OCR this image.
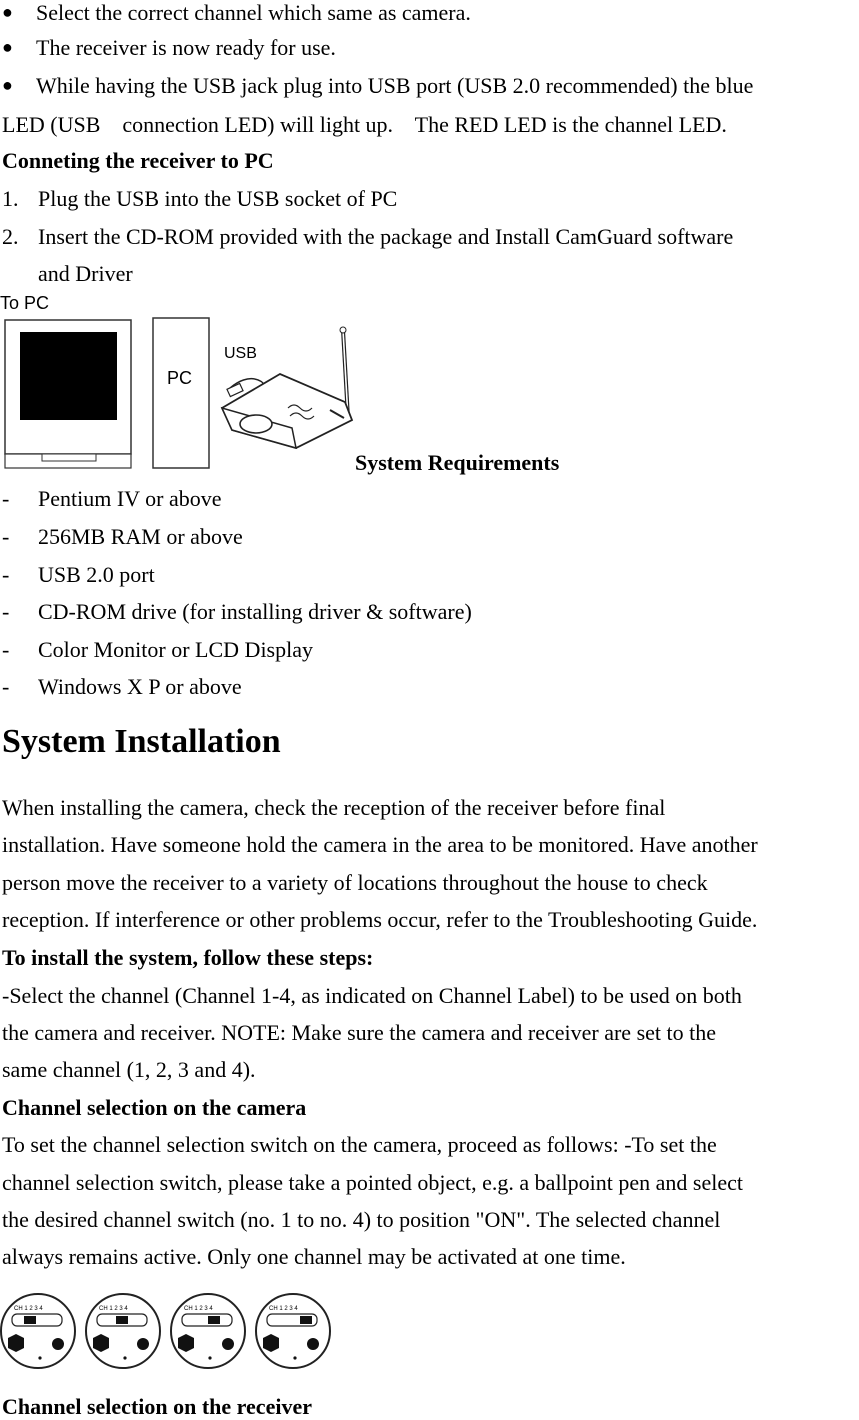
● Select the correct channel which same as camera.
● The receiver is now ready for use.
● While having the USB jack plug into USB port (USB 2.0 recommended) the blue
LED (USB    connection LED) will light up.    The RED LED is the channel LED.
Conneting the receiver to PC
1. Plug the USB into the USB socket of PC
2. Insert the CD-ROM provided with the package and Install CamGuard software
and Driver
To PC
PC
USB
System Requirements
- Pentium IV or above
- 256MB RAM or above
- USB 2.0 port
- CD-ROM drive (for installing driver & software)
- Color Monitor or LCD Display
- Windows X P or above
System Installation
When installing the camera, check the reception of the receiver before final
installation. Have someone hold the camera in the area to be monitored. Have another
person move the receiver to a variety of locations throughout the house to check
reception. If interference or other problems occur, refer to the Troubleshooting Guide.
To install the system, follow these steps:
-Select the channel (Channel 1-4, as indicated on Channel Label) to be used on both
the camera and receiver. NOTE: Make sure the camera and receiver are set to the
same channel (1, 2, 3 and 4).
Channel selection on the camera
To set the channel selection switch on the camera, proceed as follows: -To set the
channel selection switch, please take a pointed object, e.g. a ballpoint pen and select
the desired channel switch (no. 1 to no. 4) to position "ON". The selected channel
always remains active. Only one channel may be activated at one time.
CH 1 2 3 4	CH 1 2 3 4	CH 1 2 3 4	CH 1 2 3 4
Channel selection on the receiver
